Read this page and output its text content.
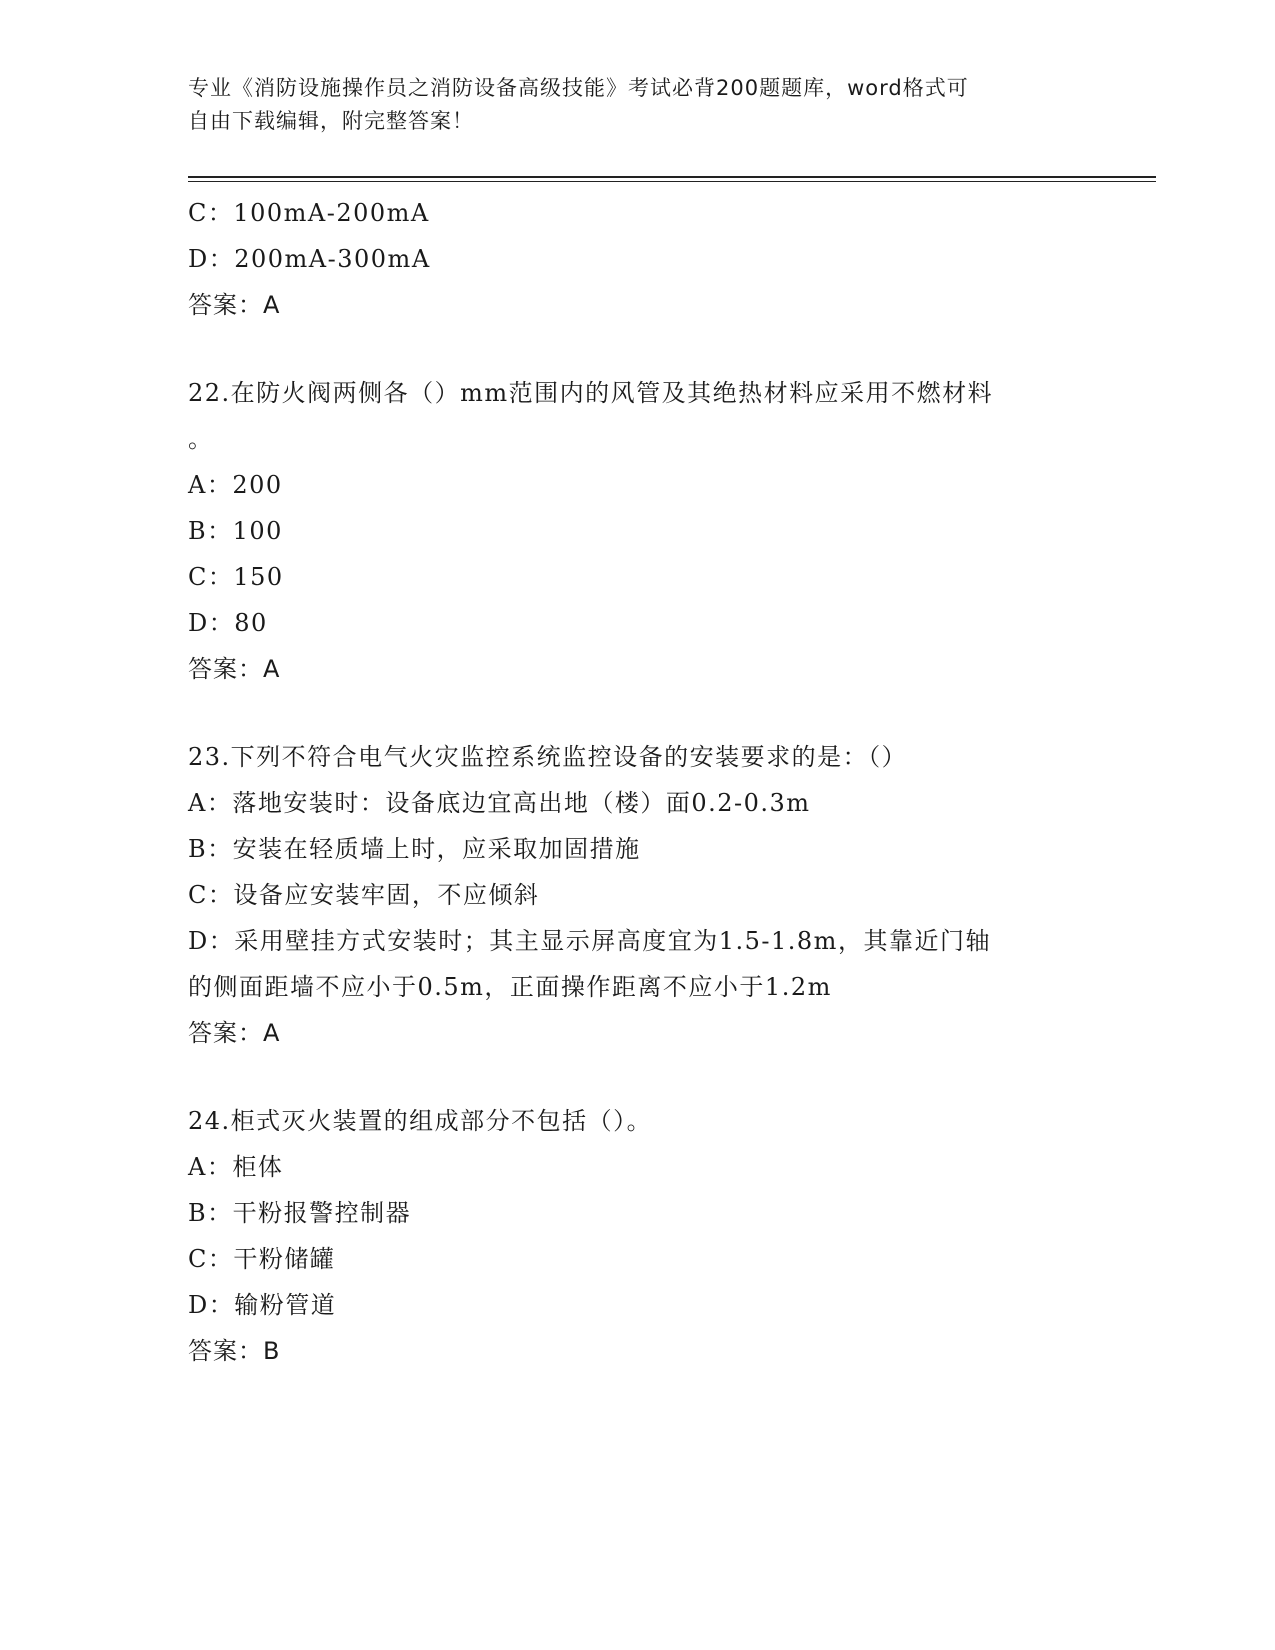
专业《消防设施操作员之消防设备高级技能》考试必背200题题库，word格式可
自由下载编辑，附完整答案！
C：100mA-200mA
D：200mA-300mA
答案：A
22.在防火阀两侧各（）mm范围内的风管及其绝热材料应采用不燃材料
。
A：200
B：100
C：150
D：80
答案：A
23.下列不符合电气火灾监控系统监控设备的安装要求的是：（）
A：落地安装时：设备底边宜高出地（楼）面0.2-0.3m
B：安装在轻质墙上时，应采取加固措施
C：设备应安装牢固，不应倾斜
D：采用壁挂方式安装时；其主显示屏高度宜为1.5-1.8m，其靠近门轴
的侧面距墙不应小于0.5m，正面操作距离不应小于1.2m
答案：A
24.柜式灭火装置的组成部分不包括（）。
A：柜体
B：干粉报警控制器
C：干粉储罐
D：输粉管道
答案：B
